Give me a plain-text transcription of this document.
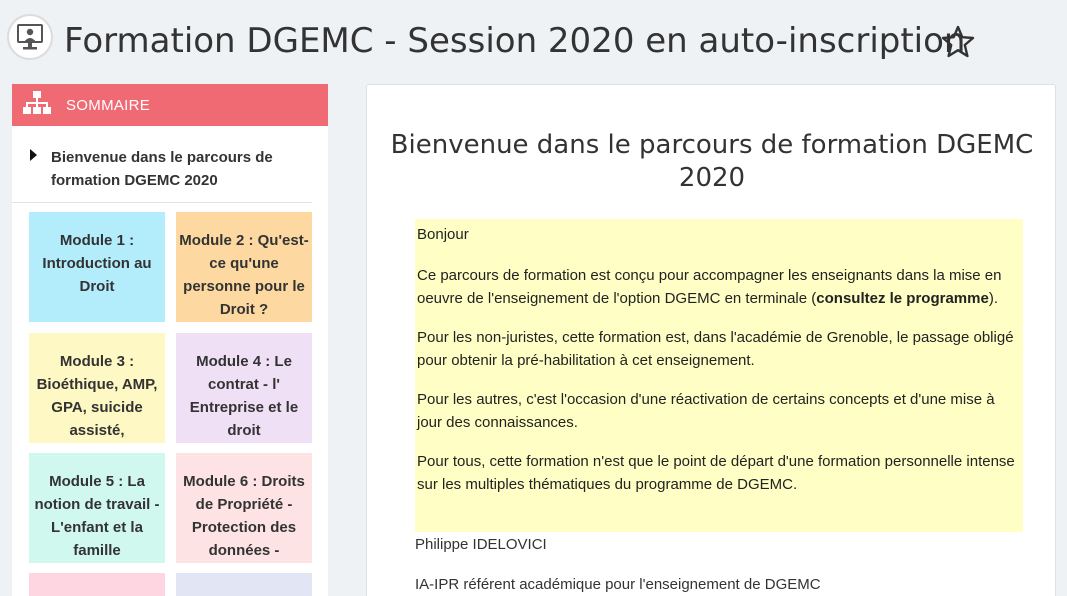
Formation DGEMC - Session 2020 en auto-inscription
SOMMAIRE
Bienvenue dans le parcours de formation DGEMC 2020
Module 1 : Introduction au Droit
Module 2 : Qu'est-ce qu'une personne pour le Droit ?
Module 3 : Bioéthique, AMP, GPA, suicide assisté,
Module 4 : Le contrat - l' Entreprise et le droit
Module 5 : La notion de travail - L'enfant et la famille
Module 6 : Droits de Propriété - Protection des données -
Bienvenue dans le parcours de formation DGEMC 2020

Bonjour

Ce parcours de formation est conçu pour accompagner les enseignants dans la mise en oeuvre de l'enseignement de l'option DGEMC en terminale (consultez le programme).

Pour les non-juristes, cette formation est, dans l'académie de Grenoble, le passage obligé pour obtenir la pré-habilitation à cet enseignement.

Pour les autres, c'est l'occasion d'une réactivation de certains concepts et d'une mise à jour des connaissances.

Pour tous, cette formation n'est que le point de départ d'une formation personnelle intense sur les multiples thématiques du programme de DGEMC.

Philippe IDELOVICI
IA-IPR référent académique pour l'enseignement de DGEMC
